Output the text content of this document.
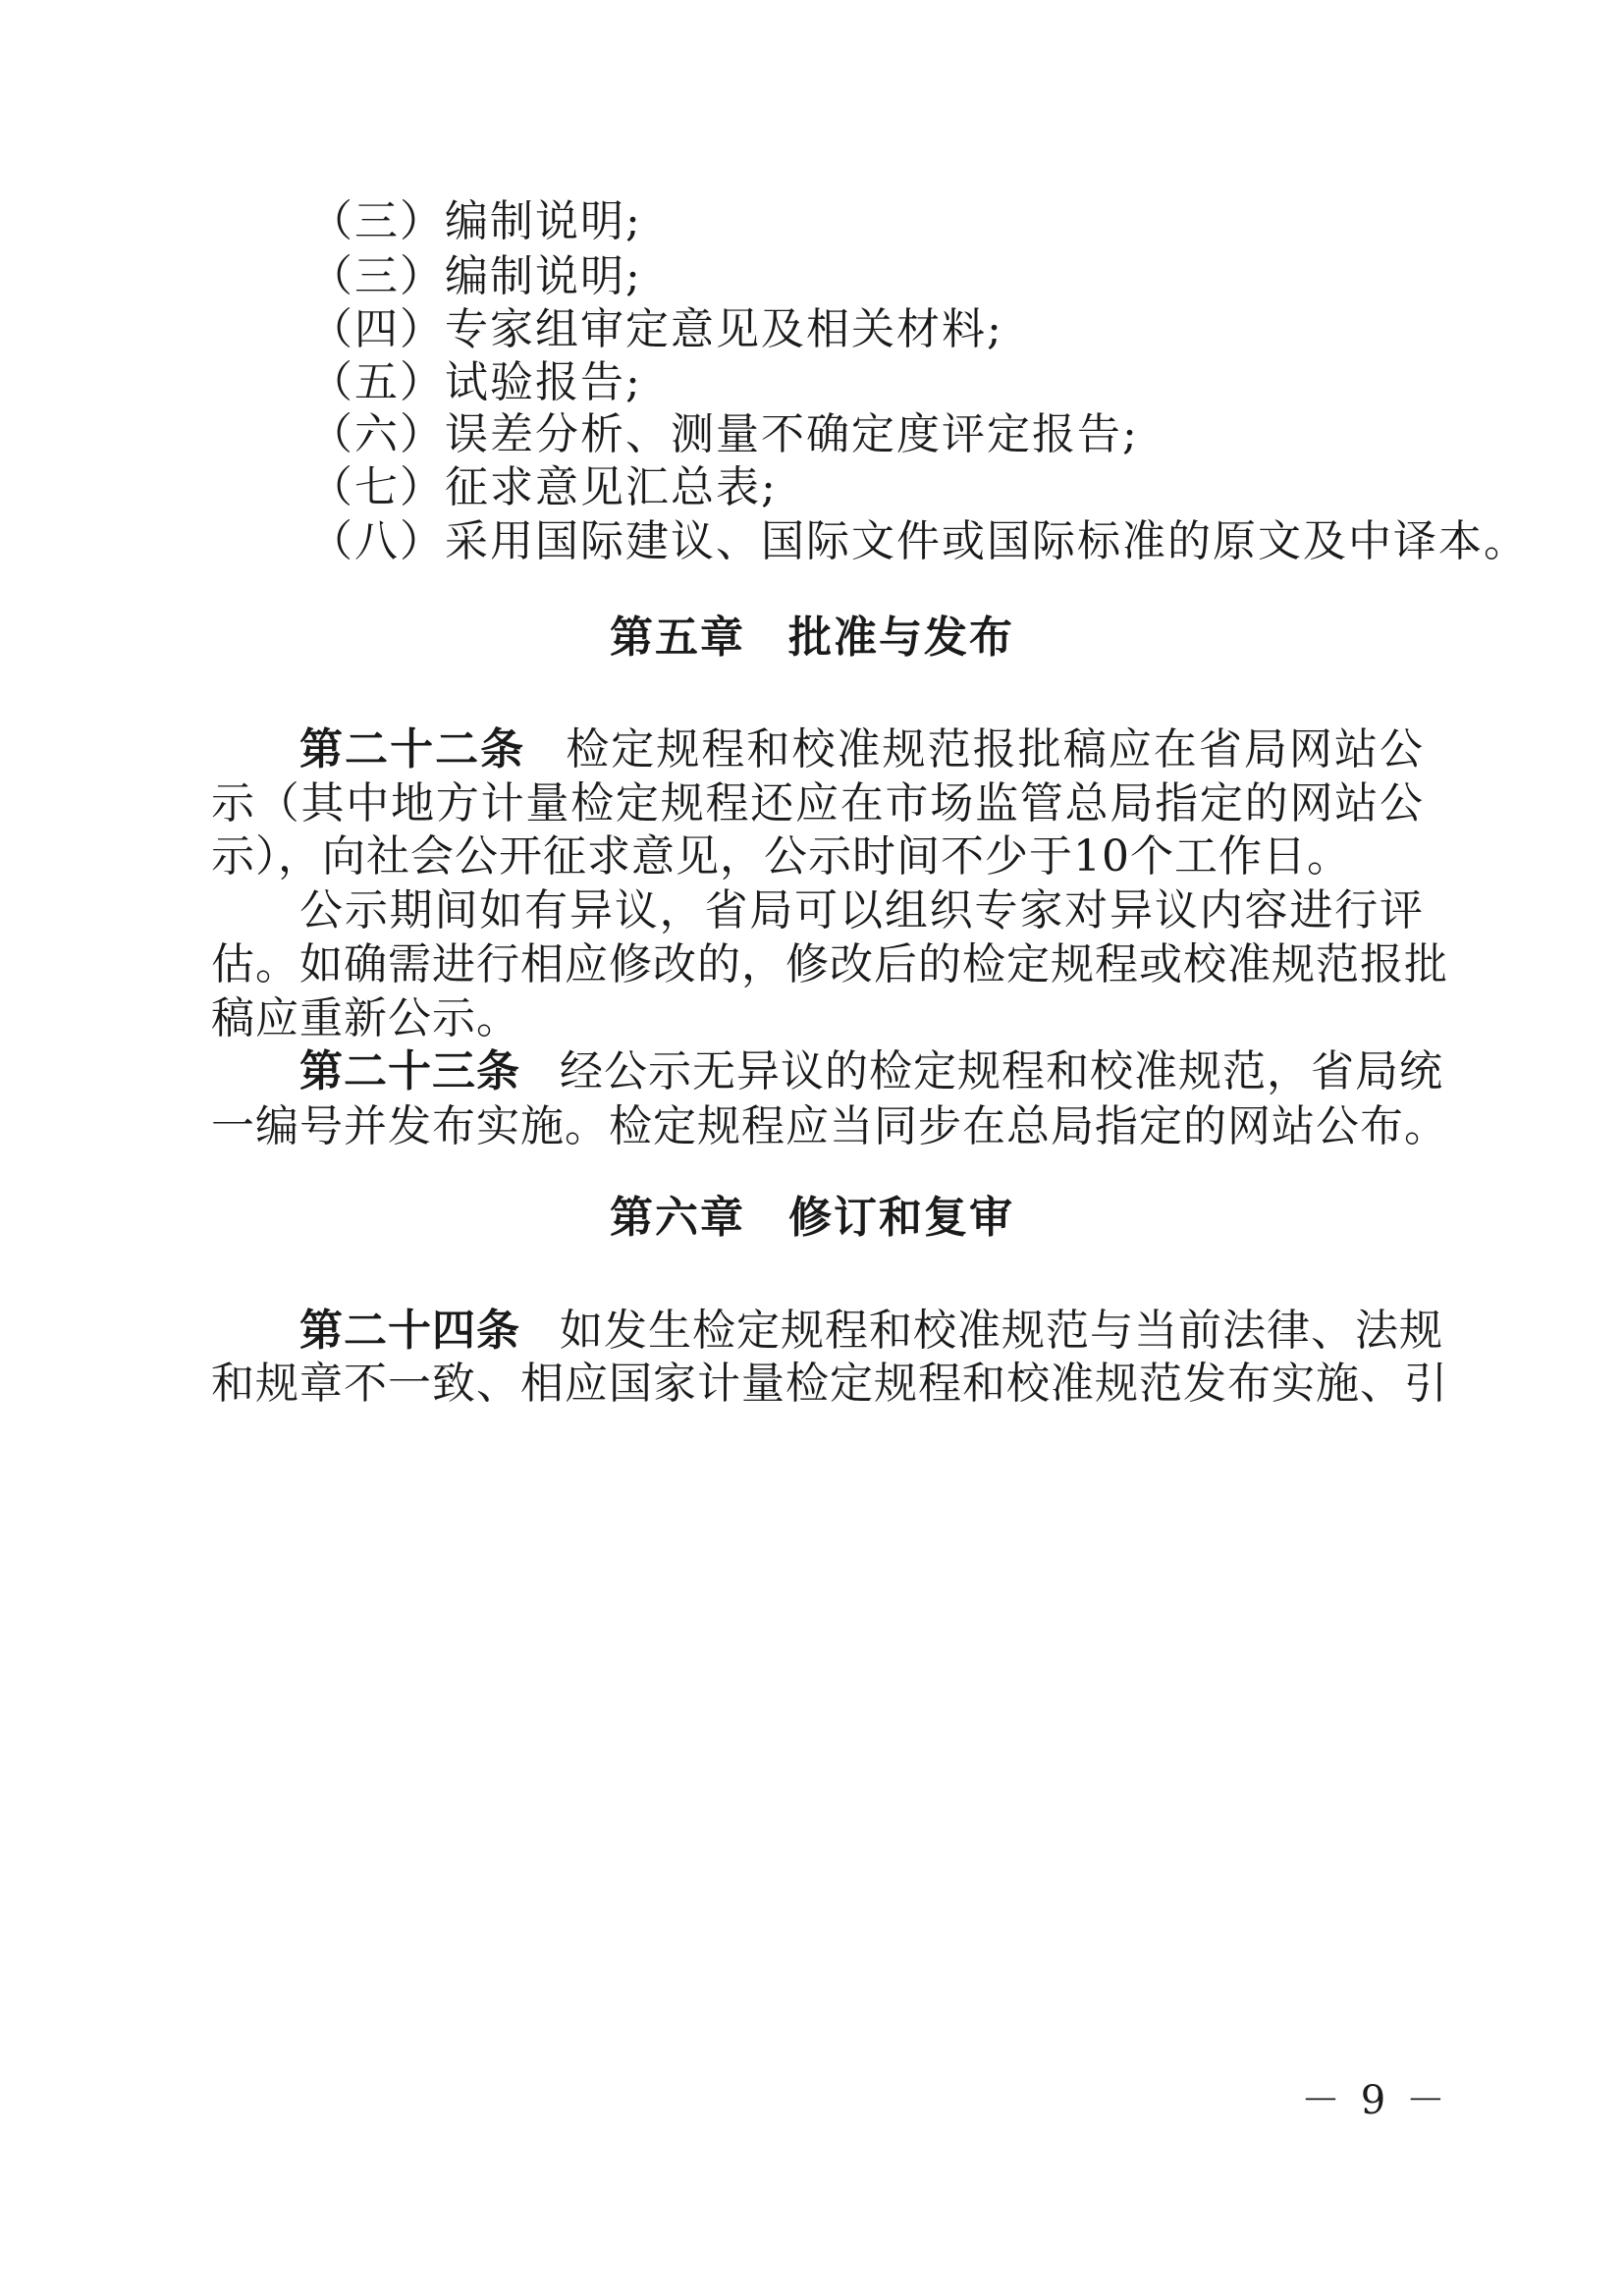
（三）编制说明;
（三）编制说明;
（四）专家组审定意见及相关材料;
（五）试验报告;
（六）误差分析、测量不确定度评定报告;
（七）征求意见汇总表;
（八）采用国际建议、国际文件或国际标准的原文及中译本。
第五章 批准与发布
第二十二条 检定规程和校准规范报批稿应在省局网站公
示（其中地方计量检定规程还应在市场监管总局指定的网站公
示），向社会公开征求意见，公示时间不少于10个工作日。
公示期间如有异议，省局可以组织专家对异议内容进行评
估。如确需进行相应修改的，修改后的检定规程或校准规范报批
稿应重新公示。
第二十三条 经公示无异议的检定规程和校准规范，省局统
一编号并发布实施。检定规程应当同步在总局指定的网站公布。
第六章 修订和复审
第二十四条 如发生检定规程和校准规范与当前法律、法规
和规章不一致、相应国家计量检定规程和校准规范发布实施、引
－ 9 －
